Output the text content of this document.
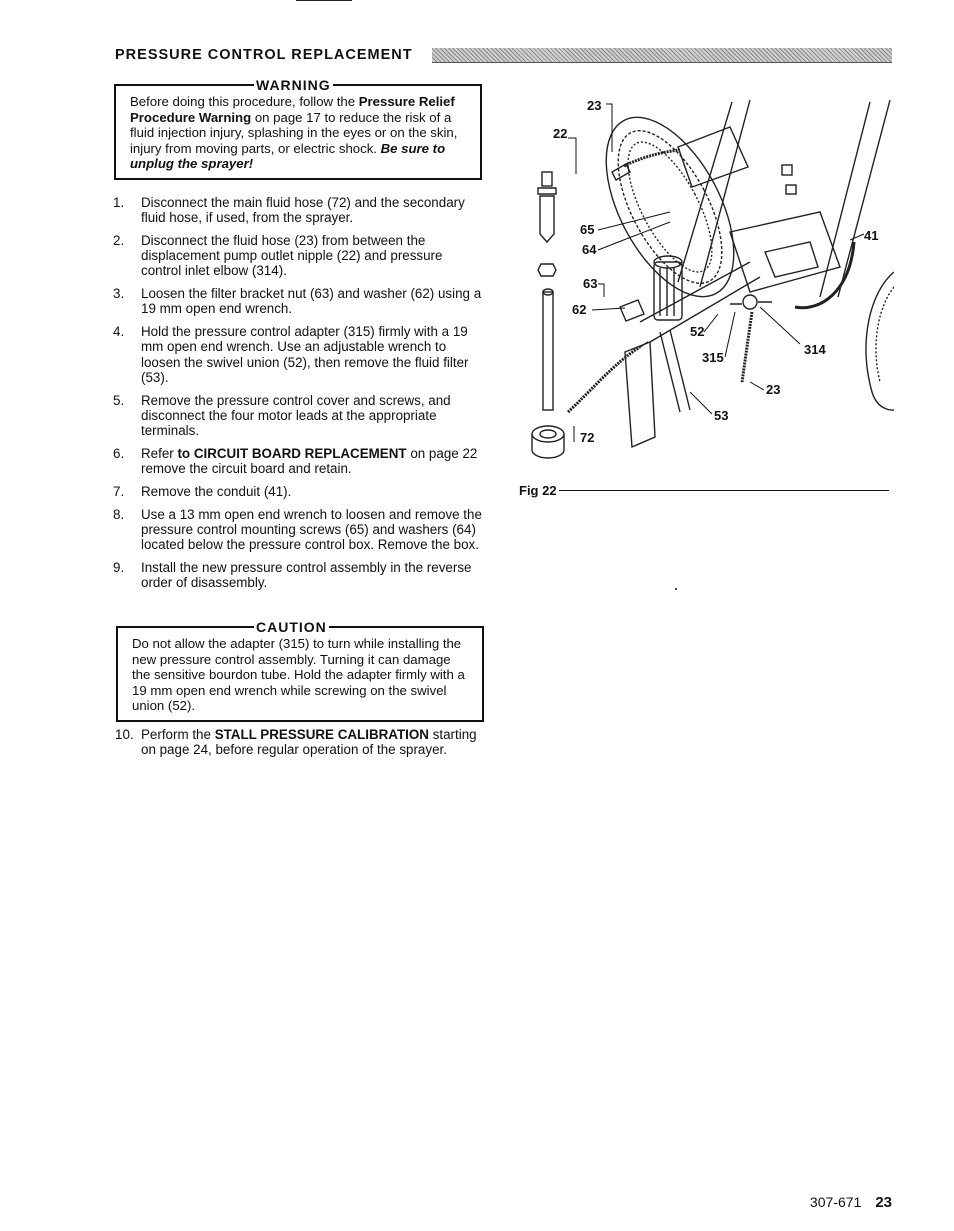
PRESSURE CONTROL REPLACEMENT
WARNING
Before doing this procedure, follow the Pressure Relief Procedure Warning on page 17 to reduce the risk of a fluid injection injury, splashing in the eyes or on the skin, injury from moving parts, or electric shock. Be sure to unplug the sprayer!
1.	Disconnect the main fluid hose (72) and the secondary fluid hose, if used, from the sprayer.
2.	Disconnect the fluid hose (23) from between the displacement pump outlet nipple (22) and pressure control inlet elbow (314).
3.	Loosen the filter bracket nut (63) and washer (62) using a 19 mm open end wrench.
4.	Hold the pressure control adapter (315) firmly with a 19 mm open end wrench. Use an adjustable wrench to loosen the swivel union (52), then remove the fluid filter (53).
5.	Remove the pressure control cover and screws, and disconnect the four motor leads at the appropriate terminals.
6.	Refer to CIRCUIT BOARD REPLACEMENT on page 22 remove the circuit board and retain.
7.	Remove the conduit (41).
8.	Use a 13 mm open end wrench to loosen and remove the pressure control mounting screws (65) and washers (64) located below the pressure control box. Remove the box.
9.	Install the new pressure control assembly in the reverse order of disassembly.
CAUTION
Do not allow the adapter (315) to turn while installing the new pressure control assembly. Turning it can damage the sensitive bourdon tube. Hold the adapter firmly with a 19 mm open end wrench while screwing on the swivel union (52).
10. Perform the STALL PRESSURE CALIBRATION starting on page 24, before regular operation of the sprayer.
23
22
65
64
63
62
52
315
314
23
53
72
41
Fig 22
307-671 23
